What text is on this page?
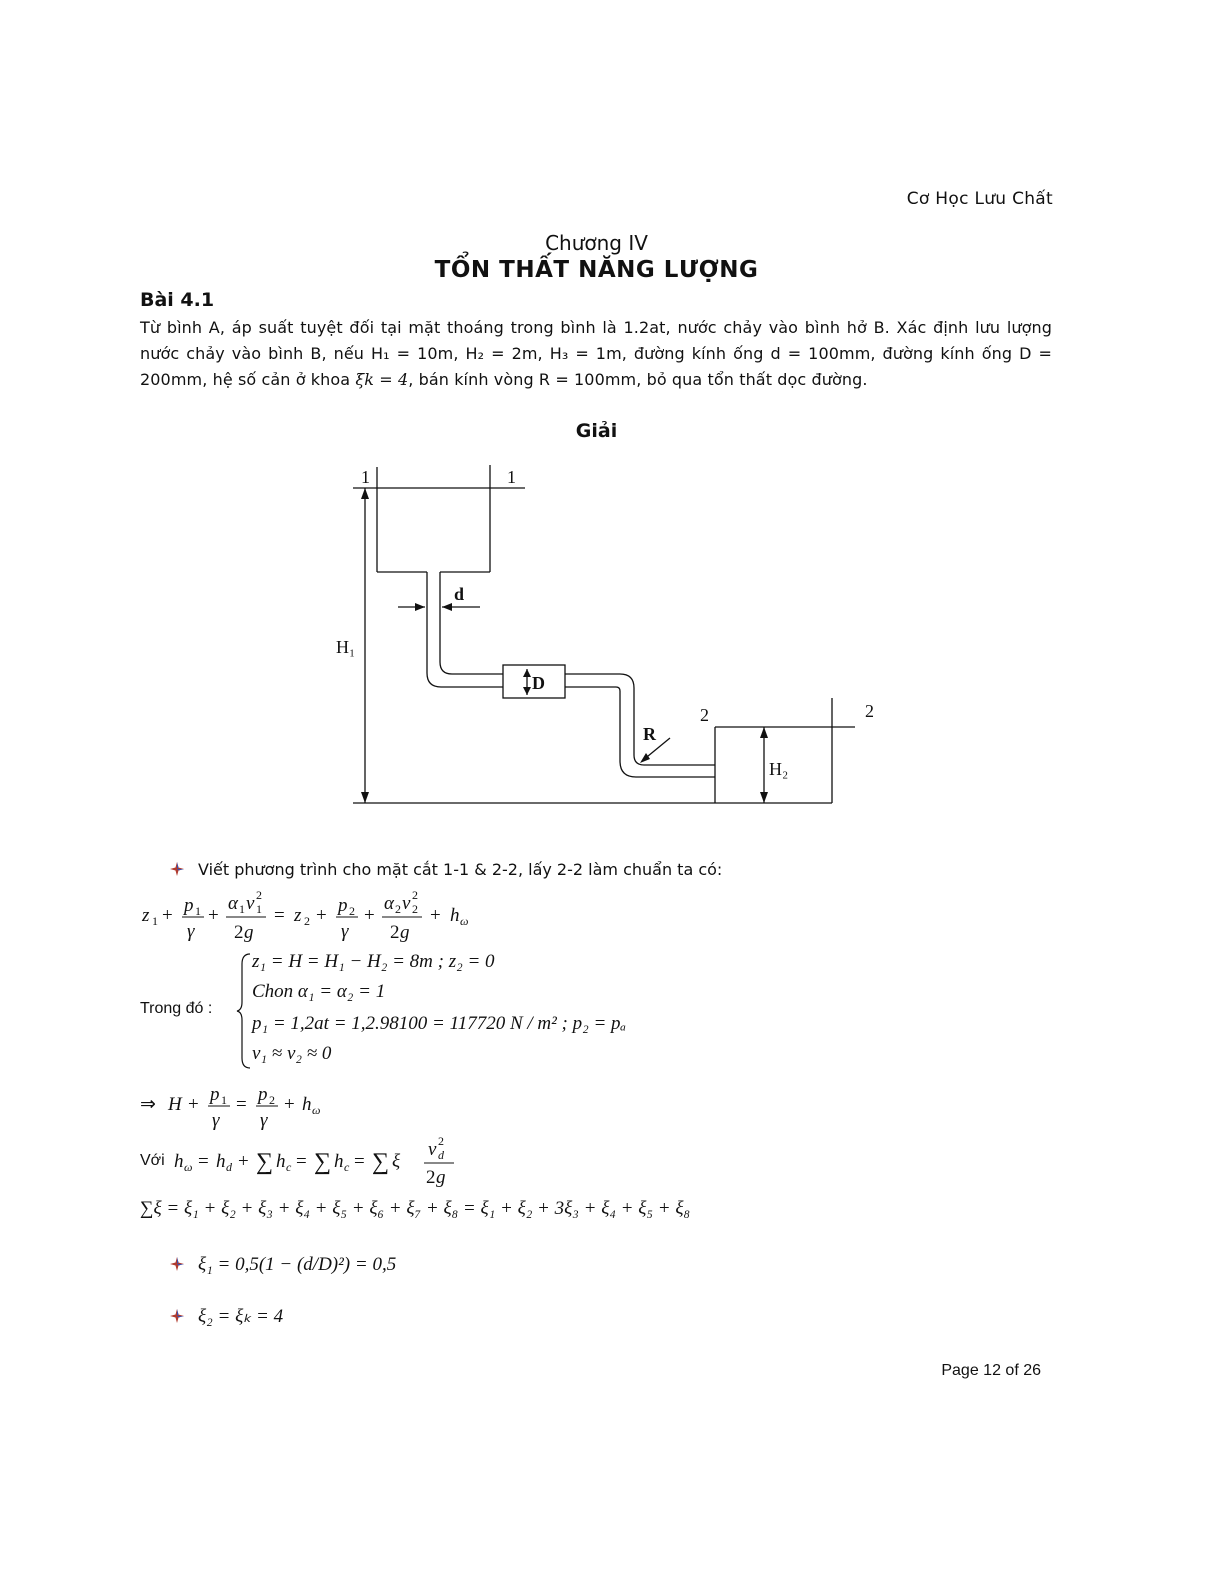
Cơ Học Lưu Chất
Chương IV
TỔN THẤT NĂNG LƯỢNG
Bài 4.1
Từ bình A, áp suất tuyệt đối tại mặt thoáng trong bình là 1.2at, nước chảy vào bình hở B. Xác định lưu lượng nước chảy vào bình B, nếu H₁ = 10m, H₂ = 2m, H₃ = 1m, đường kính ống d = 100mm, đường kính ống D = 200mm, hệ số cản ở khoa ξk = 4, bán kính vòng R = 100mm, bỏ qua tổn thất dọc đường.
Giải
1	1
2	2
H₁
H₂
d
D
R
Viết phương trình cho mặt cắt 1-1 & 2-2, lấy 2-2 làm chuẩn ta có:
z 1 + p 1
γ
+
α 1 v 2
1
2 g
= z 2 + p 2
γ
+
α 2 v 2
2
2 g
+ h ω
Trong đó :
z₁ = H = H₁ − H₂ = 8m ; z₂ = 0
Chon α₁ = α₂ = 1
p₁ = 1,2at = 1,2.98100 = 117720 N / m² ; p₂ = pₐ
v₁ ≈ v₂ ≈ 0
⇒ H + p 1
γ
= p 2
γ
+ h ω
Với h ω = h d + ∑ h c = ∑ h c = ∑ ξ
v 2
d
2 g
∑ξ = ξ₁ + ξ₂ + ξ₃ + ξ₄ + ξ₅ + ξ₆ + ξ₇ + ξ₈ = ξ₁ + ξ₂ + 3ξ₃ + ξ₄ + ξ₅ + ξ₈
ξ₁ = 0,5(1 − (d/D)²) = 0,5
ξ₂ = ξₖ = 4
Page 12 of 26
